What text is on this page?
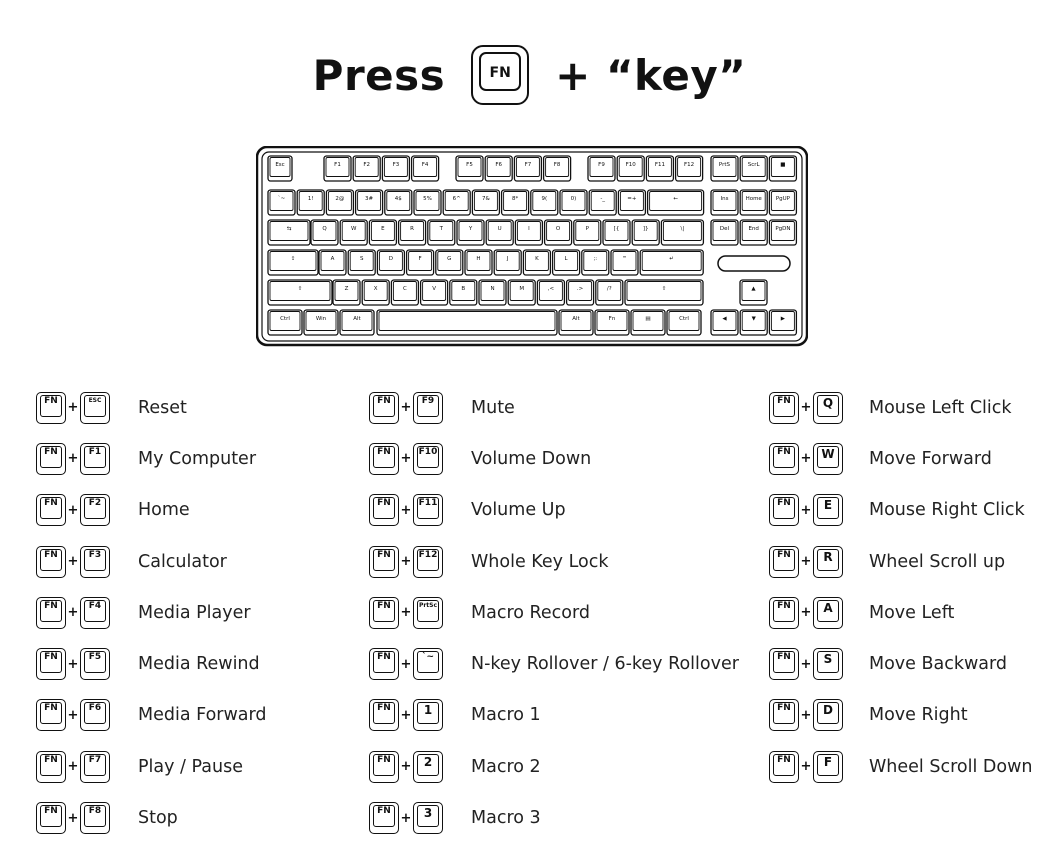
Press	FN	+ “key”
Esc	F1	F2	F3	F4	F5	F6	F7	F8	F9	F10	F11	F12	PrtS	ScrL	■
`~	1!	2@	3#	4$	5%	6^	7&	8*	9(	0)	-_	=+	←	Ins	Home	PgUP
⇆	Q	W	E	R	T	Y	U	I	O	P	[{	]}	\|	Del	End	PgDN
⇪	A	S	D	F	G	H	J	K	L	;:	'"	↵
⇧	Z	X	C	V	B	N	M	,<	.>	/?	⇧	▲
Ctrl	Win	Alt	Alt	Fn	▤	Ctrl	◀	▼	▶
FN +	ESC Reset
FN +	F1 My Computer
FN +	F2 Home
FN +	F3 Calculator
FN +	F4 Media Player
FN +	F5 Media Rewind
FN +	F6 Media Forward
FN +	F7 Play / Pause
FN +	F8 Stop
FN +	F9 Mute
FN + F10 Volume Down
FN + F11 Volume Up
FN + F12 Whole Key Lock
FN + PrtSc Macro Record
FN +	`~ N-key Rollover / 6-key Rollover
FN +	1	Macro 1
FN +	2	Macro 2
FN +	3	Macro 3
FN + Q Mouse Left Click
FN + W Move Forward
FN +	E	Mouse Right Click
FN + R	Wheel Scroll up
FN + A	Move Left
FN +	S	Move Backward
FN + D Move Right
FN +	F	Wheel Scroll Down
